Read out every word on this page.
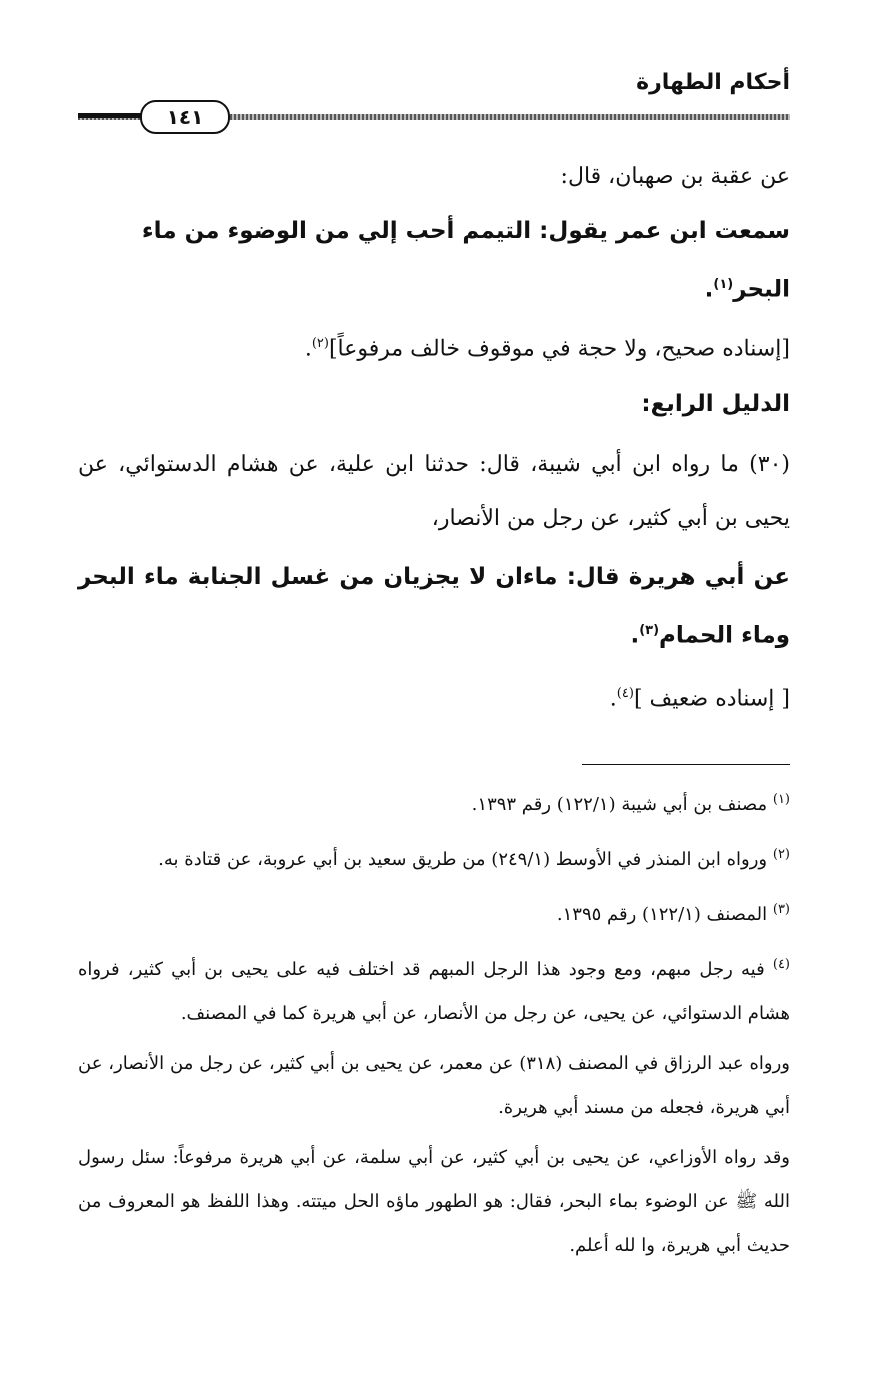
١٤١
أحكام الطهارة

عن عقبة بن صهبان، قال:

سمعت ابن عمر يقول: التيمم أحب إلي من الوضوء من ماء البحر$^{(١)}$.

[إسناده صحيح، ولا حجة في موقوف خالف مرفوعاً]$^{(٢)}$.

الدليل الرابع:

(٣٠) ما رواه ابن أبي شيبة، قال: حدثنا ابن علية، عن هشام الدستوائي، عن يحيى بن أبي كثير، عن رجل من الأنصار،

عن أبي هريرة قال: ماءان لا يجزيان من غسل الجنابة ماء البحر وماء الحمام$^{(٣)}$.

[ إسناده ضعيف ]$^{(٤)}$.

$^{(١)}$ مصنف بن أبي شيبة (١٢٢/١) رقم ١٣٩٣.

$^{(٢)}$ ورواه ابن المنذر في الأوسط (٢٤٩/١) من طريق سعيد بن أبي عروبة، عن قتادة به.

$^{(٣)}$ المصنف (١٢٢/١) رقم ١٣٩٥.

$^{(٤)}$ فيه رجل مبهم، ومع وجود هذا الرجل المبهم قد اختلف فيه على يحيى بن أبي كثير، فرواه هشام الدستوائي، عن يحيى، عن رجل من الأنصار، عن أبي هريرة كما في المصنف.

ورواه عبد الرزاق في المصنف (٣١٨) عن معمر، عن يحيى بن أبي كثير، عن رجل من الأنصار، عن أبي هريرة، فجعله من مسند أبي هريرة.

وقد رواه الأوزاعي، عن يحيى بن أبي كثير، عن أبي سلمة، عن أبي هريرة مرفوعاً: سئل رسول الله ﷺ عن الوضوء بماء البحر، فقال: هو الطهور ماؤه الحل ميتته. وهذا اللفظ هو المعروف من حديث أبي هريرة، وا لله أعلم.
